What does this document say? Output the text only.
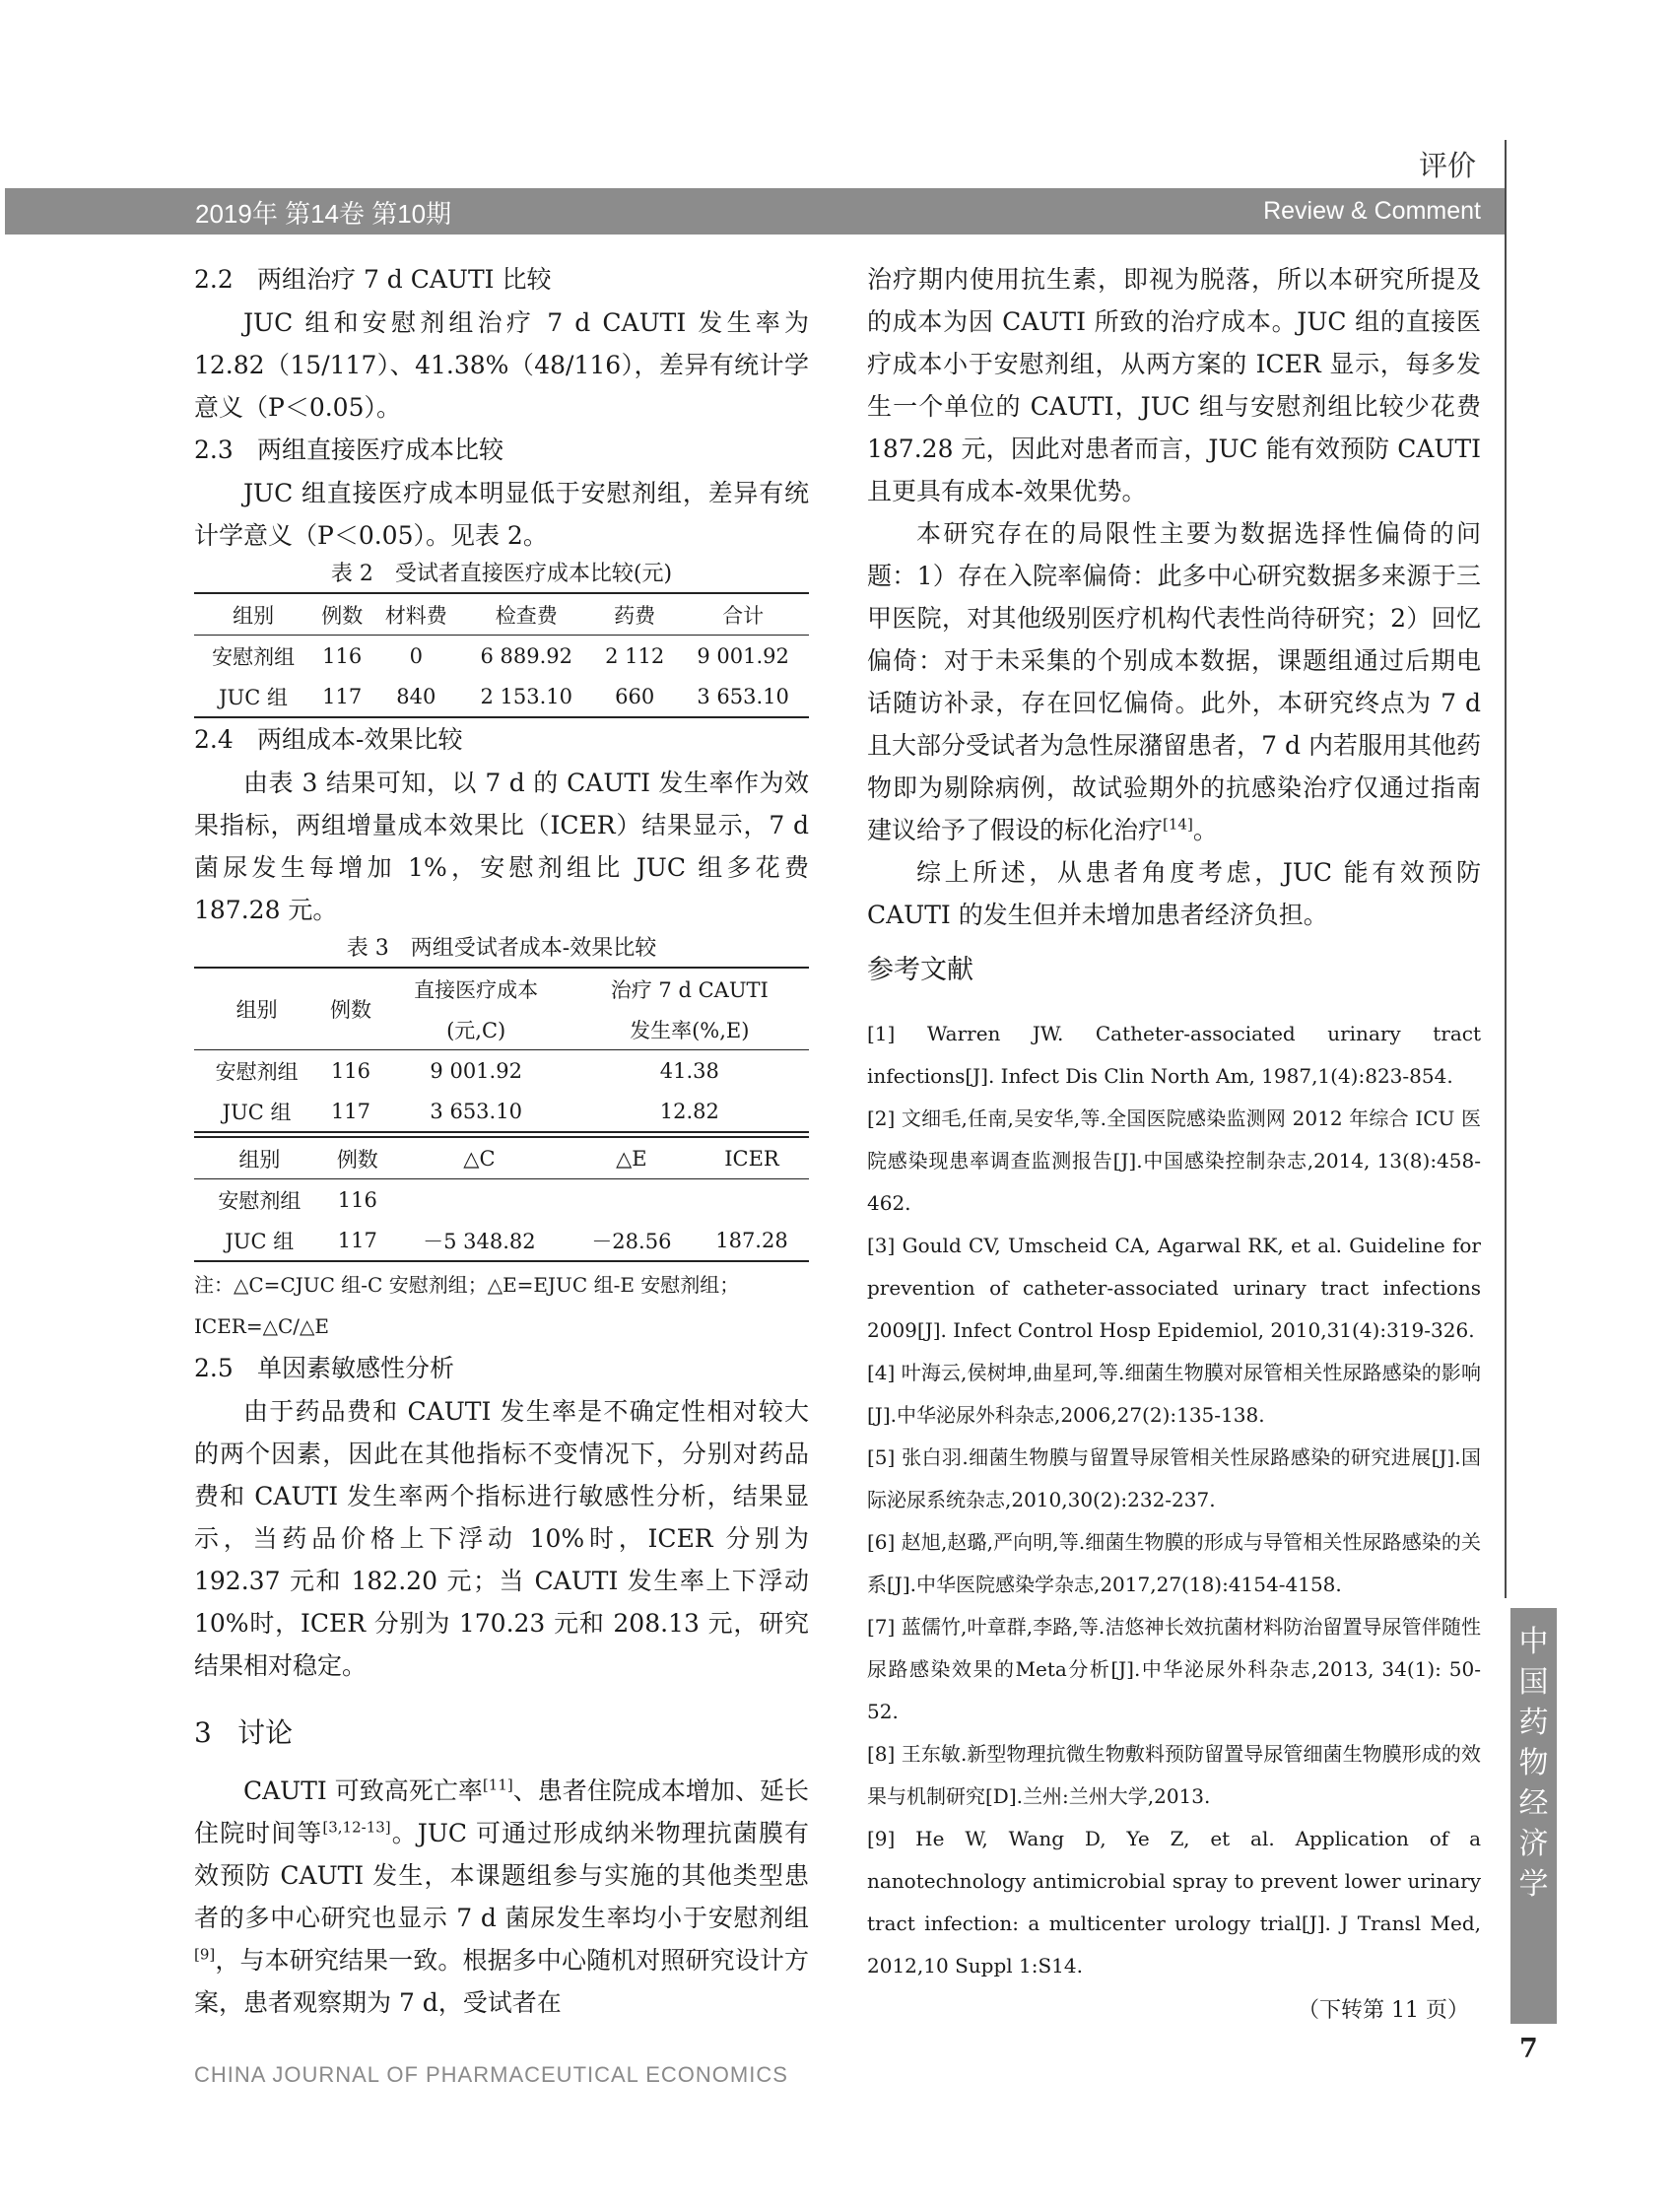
评价
2019年 第14卷 第10期	Review & Comment

2.2 两组治疗 7 d CAUTI 比较

JUC 组和安慰剂组治疗 7 d CAUTI 发生率为 12.82（15/117）、41.38%（48/116），差异有统计学意义（P＜0.05）。

2.3 两组直接医疗成本比较

JUC 组直接医疗成本明显低于安慰剂组，差异有统计学意义（P＜0.05）。见表 2。

表 2　受试者直接医疗成本比较(元)

组别	例数	材料费	检查费	药费	合计
安慰剂组	116	0	6 889.92	2 112	9 001.92
JUC 组	117	840	2 153.10	660	3 653.10

2.4 两组成本-效果比较

由表 3 结果可知，以 7 d 的 CAUTI 发生率作为效果指标，两组增量成本效果比（ICER）结果显示，7 d 菌尿发生每增加 1%，安慰剂组比 JUC 组多花费 187.28 元。

表 3　两组受试者成本-效果比较

组别	例数	直接医疗成本	治疗 7 d CAUTI
		(元,C)	发生率(%,E)
安慰剂组	116	9 001.92	41.38
JUC 组	117	3 653.10	12.82
组别	例数	△C	△E	ICER
安慰剂组	116			
JUC 组	117	－5 348.82	－28.56	187.28

注：△C=CJUC 组-C 安慰剂组；△E=EJUC 组-E 安慰剂组；ICER=△C/△E

2.5 单因素敏感性分析

由于药品费和 CAUTI 发生率是不确定性相对较大的两个因素，因此在其他指标不变情况下，分别对药品费和 CAUTI 发生率两个指标进行敏感性分析，结果显示，当药品价格上下浮动 10%时，ICER 分别为 192.37 元和 182.20 元；当 CAUTI 发生率上下浮动 10%时，ICER 分别为 170.23 元和 208.13 元，研究结果相对稳定。

3 讨论

CAUTI 可致高死亡率[11]、患者住院成本增加、延长住院时间等[3,12-13]。JUC 可通过形成纳米物理抗菌膜有效预防 CAUTI 发生，本课题组参与实施的其他类型患者的多中心研究也显示 7 d 菌尿发生率均小于安慰剂组[9]，与本研究结果一致。根据多中心随机对照研究设计方案，患者观察期为 7 d，受试者在

治疗期内使用抗生素，即视为脱落，所以本研究所提及的成本为因 CAUTI 所致的治疗成本。JUC 组的直接医疗成本小于安慰剂组，从两方案的 ICER 显示，每多发生一个单位的 CAUTI，JUC 组与安慰剂组比较少花费 187.28 元，因此对患者而言，JUC 能有效预防 CAUTI 且更具有成本-效果优势。

本研究存在的局限性主要为数据选择性偏倚的问题：1）存在入院率偏倚：此多中心研究数据多来源于三甲医院，对其他级别医疗机构代表性尚待研究；2）回忆偏倚：对于未采集的个别成本数据，课题组通过后期电话随访补录，存在回忆偏倚。此外，本研究终点为 7 d 且大部分受试者为急性尿潴留患者，7 d 内若服用其他药物即为剔除病例，故试验期外的抗感染治疗仅通过指南建议给予了假设的标化治疗[14]。

综上所述，从患者角度考虑，JUC 能有效预防 CAUTI 的发生但并未增加患者经济负担。

参考文献

[1] Warren JW. Catheter-associated urinary tract infections[J]. Infect Dis Clin North Am, 1987,1(4):823-854.

[2] 文细毛,任南,吴安华,等.全国医院感染监测网 2012 年综合 ICU 医院感染现患率调查监测报告[J].中国感染控制杂志,2014, 13(8):458-462.

[3] Gould CV, Umscheid CA, Agarwal RK, et al. Guideline for prevention of catheter-associated urinary tract infections 2009[J]. Infect Control Hosp Epidemiol, 2010,31(4):319-326.

[4] 叶海云,侯树坤,曲星珂,等.细菌生物膜对尿管相关性尿路感染的影响[J].中华泌尿外科杂志,2006,27(2):135-138.

[5] 张白羽.细菌生物膜与留置导尿管相关性尿路感染的研究进展[J].国际泌尿系统杂志,2010,30(2):232-237.

[6] 赵旭,赵璐,严向明,等.细菌生物膜的形成与导管相关性尿路感染的关系[J].中华医院感染学杂志,2017,27(18):4154-4158.

[7] 蓝儒竹,叶章群,李路,等.洁悠神长效抗菌材料防治留置导尿管伴随性尿路感染效果的Meta分析[J].中华泌尿外科杂志,2013, 34(1): 50-52.

[8] 王东敏.新型物理抗微生物敷料预防留置导尿管细菌生物膜形成的效果与机制研究[D].兰州:兰州大学,2013.

[9] He W, Wang D, Ye Z, et al. Application of a nanotechnology antimicrobial spray to prevent lower urinary tract infection: a multicenter urology trial[J]. J Transl Med, 2012,10 Suppl 1:S14.

（下转第 11 页）

中
国
药
物
经
济
学
7
CHINA JOURNAL OF PHARMACEUTICAL ECONOMICS
